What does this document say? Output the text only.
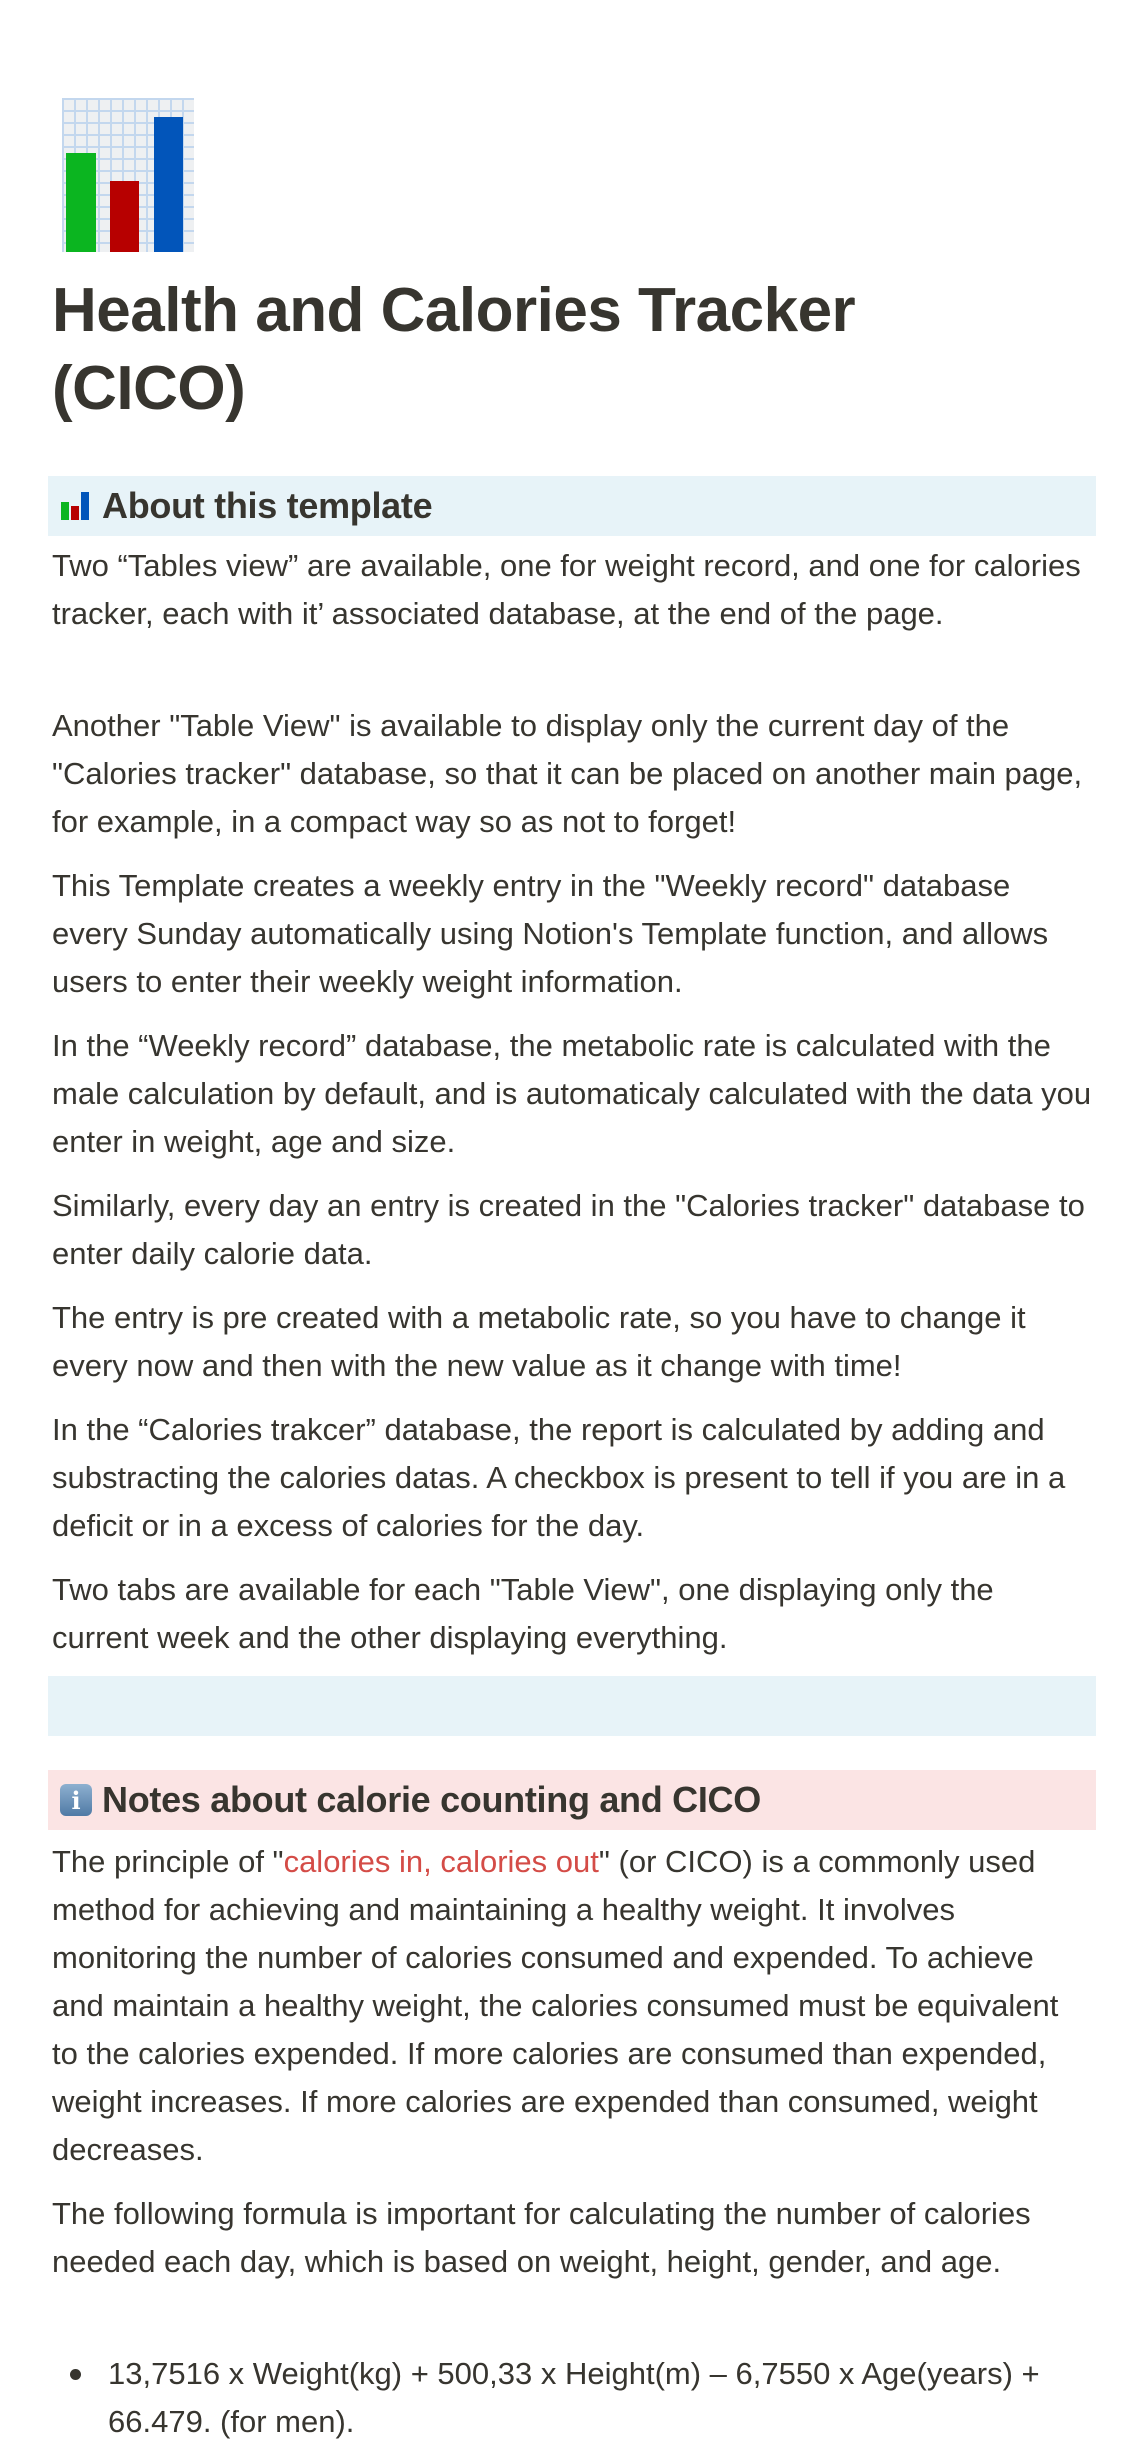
Health and Calories Tracker (CICO)
About this template

Two “Tables view” are available, one for weight record, and one for calories tracker, each with it’ associated database, at the end of the page.

Another "Table View" is available to display only the current day of the "Calories tracker" database, so that it can be placed on another main page, for example, in a compact way so as not to forget!

This Template creates a weekly entry in the "Weekly record" database every Sunday automatically using Notion's Template function, and allows users to enter their weekly weight information.

In the “Weekly record” database, the metabolic rate is calculated with the male calculation by default, and is automaticaly calculated with the data you enter in weight, age and size.

Similarly, every day an entry is created in the "Calories tracker" database to enter daily calorie data.

The entry is pre created with a metabolic rate, so you have to change it every now and then with the new value as it change with time!

In the “Calories trakcer” database, the report is calculated by adding and substracting the calories datas. A checkbox is present to tell if you are in a deficit or in a excess of calories for the day.

Two tabs are available for each "Table View", one displaying only the current week and the other displaying everything.

i Notes about calorie counting and CICO

The principle of "calories in, calories out" (or CICO) is a commonly used method for achieving and maintaining a healthy weight. It involves monitoring the number of calories consumed and expended. To achieve and maintain a healthy weight, the calories consumed must be equivalent to the calories expended. If more calories are consumed than expended, weight increases. If more calories are expended than consumed, weight decreases.

The following formula is important for calculating the number of calories needed each day, which is based on weight, height, gender, and age.

13,7516 x Weight(kg) + 500,33 x Height(m) – 6,7550 x Age(years) + 66.479. (for men).
